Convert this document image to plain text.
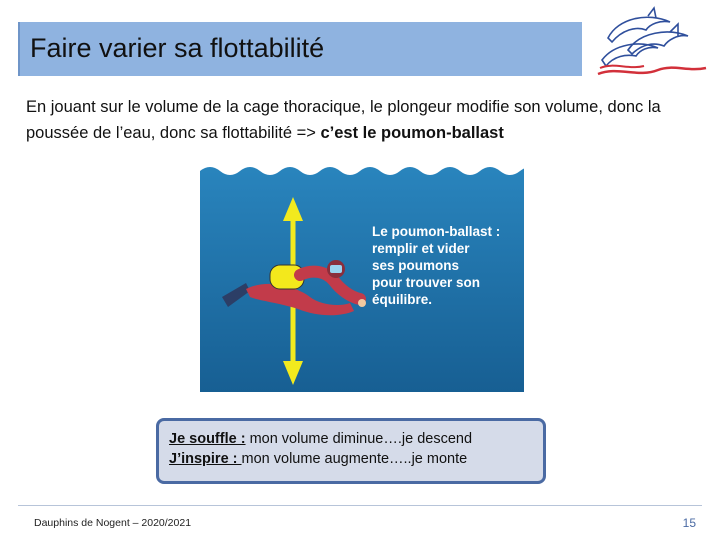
Faire varier sa flottabilité
En jouant sur le volume de la cage thoracique, le plongeur modifie son volume, donc la poussée de l’eau, donc sa flottabilité => c’est le poumon-ballast
Le poumon-ballast :
remplir et vider
ses poumons
pour trouver son
équilibre.
Je souffle : mon volume diminue….je descend
J’inspire : mon volume augmente…..je monte
Dauphins de Nogent – 2020/2021	15
